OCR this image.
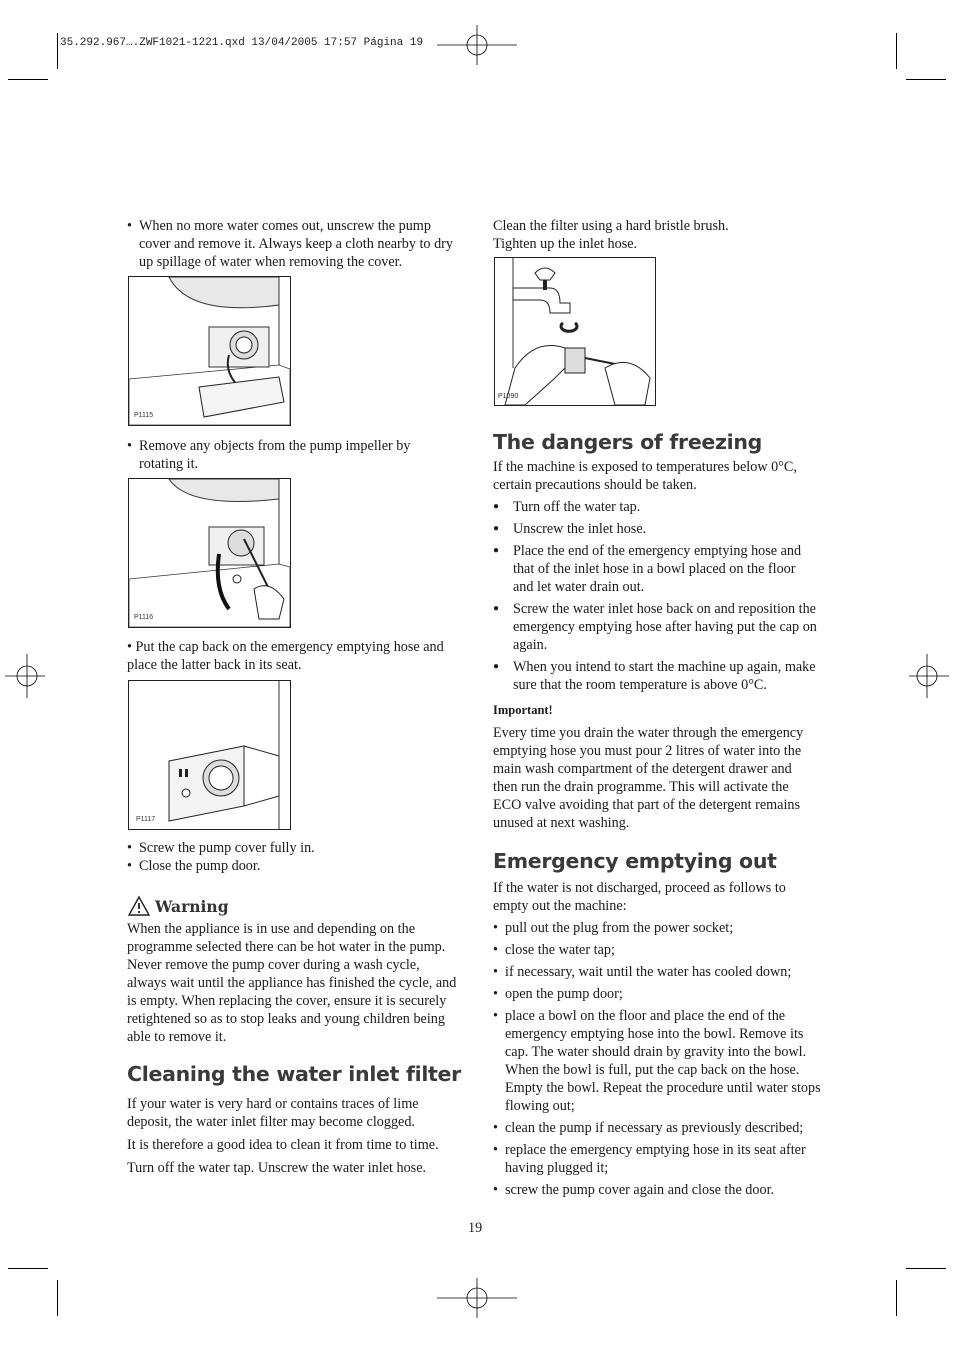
35.292.967….ZWF1021-1221.qxd 13/04/2005 17:57 Página 19
• When no more water comes out, unscrew the pump cover and remove it. Always keep a cloth nearby to dry up spillage of water when removing the cover.
P1115
• Remove any objects from the pump impeller by rotating it.
P1116
• Put the cap back on the emergency emptying hose and place the latter back in its seat.
P1117
• Screw the pump cover fully in.
• Close the pump door.
Warning
When the appliance is in use and depending on the programme selected there can be hot water in the pump. Never remove the pump cover during a wash cycle, always wait until the appliance has finished the cycle, and is empty. When replacing the cover, ensure it is securely retightened so as to stop leaks and young children being able to remove it.
Cleaning the water inlet filter
If your water is very hard or contains traces of lime deposit, the water inlet filter may become clogged.
It is therefore a good idea to clean it from time to time.
Turn off the water tap. Unscrew the water inlet hose.
Clean the filter using a hard bristle brush. Tighten up the inlet hose.
P1090
The dangers of freezing
If the machine is exposed to temperatures below 0°C, certain precautions should be taken.
● Turn off the water tap.
● Unscrew the inlet hose.
● Place the end of the emergency emptying hose and that of the inlet hose in a bowl placed on the floor and let water drain out.
● Screw the water inlet hose back on and reposition the emergency emptying hose after having put the cap on again.
● When you intend to start the machine up again, make sure that the room temperature is above 0°C.
Important!
Every time you drain the water through the emergency emptying hose you must pour 2 litres of water into the main wash compartment of the detergent drawer and then run the drain programme. This will activate the ECO valve avoiding that part of the detergent remains unused at next washing.
Emergency emptying out
If the water is not discharged, proceed as follows to empty out the machine:
• pull out the plug from the power socket;
• close the water tap;
• if necessary, wait until the water has cooled down;
• open the pump door;
• place a bowl on the floor and place the end of the emergency emptying hose into the bowl. Remove its cap. The water should drain by gravity into the bowl. When the bowl is full, put the cap back on the hose. Empty the bowl. Repeat the procedure until water stops flowing out;
• clean the pump if necessary as previously described;
• replace the emergency emptying hose in its seat after having plugged it;
• screw the pump cover again and close the door.
19
